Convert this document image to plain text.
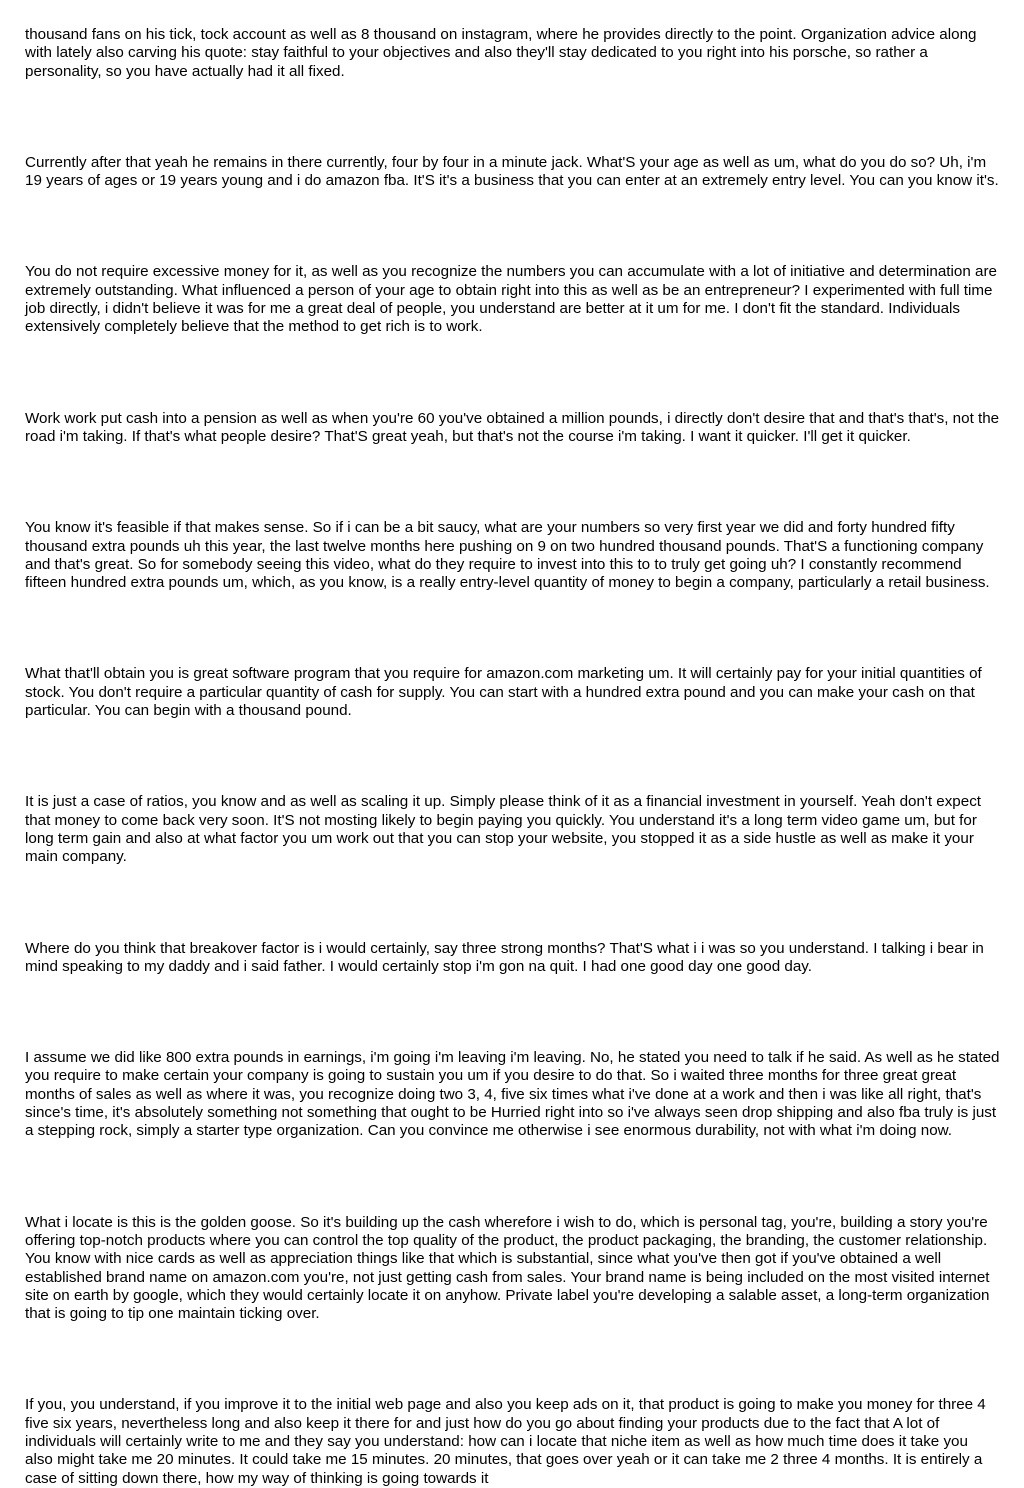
thousand fans on his tick, tock account as well as 8 thousand on instagram, where he provides directly to the point. Organization advice along with lately also carving his quote: stay faithful to your objectives and also they'll stay dedicated to you right into his porsche, so rather a personality, so you have actually had it all fixed.

Currently after that yeah he remains in there currently, four by four in a minute jack. What'S your age as well as um, what do you do so? Uh, i'm 19 years of ages or 19 years young and i do amazon fba. It'S it's a business that you can enter at an extremely entry level. You can you know it's.

You do not require excessive money for it, as well as you recognize the numbers you can accumulate with a lot of initiative and determination are extremely outstanding. What influenced a person of your age to obtain right into this as well as be an entrepreneur? I experimented with full time job directly, i didn't believe it was for me a great deal of people, you understand are better at it um for me. I don't fit the standard. Individuals extensively completely believe that the method to get rich is to work.

Work work put cash into a pension as well as when you're 60 you've obtained a million pounds, i directly don't desire that and that's that's, not the road i'm taking. If that's what people desire? That'S great yeah, but that's not the course i'm taking. I want it quicker. I'll get it quicker.

You know it's feasible if that makes sense. So if i can be a bit saucy, what are your numbers so very first year we did and forty hundred fifty thousand extra pounds uh this year, the last twelve months here pushing on 9 on two hundred thousand pounds. That'S a functioning company and that's great. So for somebody seeing this video, what do they require to invest into this to to truly get going uh? I constantly recommend fifteen hundred extra pounds um, which, as you know, is a really entry-level quantity of money to begin a company, particularly a retail business.

What that'll obtain you is great software program that you require for amazon.com marketing um. It will certainly pay for your initial quantities of stock. You don't require a particular quantity of cash for supply. You can start with a hundred extra pound and you can make your cash on that particular. You can begin with a thousand pound.

It is just a case of ratios, you know and as well as scaling it up. Simply please think of it as a financial investment in yourself. Yeah don't expect that money to come back very soon. It'S not mosting likely to begin paying you quickly. You understand it's a long term video game um, but for long term gain and also at what factor you um work out that you can stop your website, you stopped it as a side hustle as well as make it your main company.

Where do you think that breakover factor is i would certainly, say three strong months? That'S what i i was so you understand. I talking i bear in mind speaking to my daddy and i said father. I would certainly stop i'm gon na quit. I had one good day one good day.

I assume we did like 800 extra pounds in earnings, i'm going i'm leaving i'm leaving. No, he stated you need to talk if he said. As well as he stated you require to make certain your company is going to sustain you um if you desire to do that. So i waited three months for three great great months of sales as well as where it was, you recognize doing two 3, 4, five six times what i've done at a work and then i was like all right, that's since's time, it's absolutely something not something that ought to be Hurried right into so i've always seen drop shipping and also fba truly is just a stepping rock, simply a starter type organization. Can you convince me otherwise i see enormous durability, not with what i'm doing now.

What i locate is this is the golden goose. So it's building up the cash wherefore i wish to do, which is personal tag, you're, building a story you're offering top-notch products where you can control the top quality of the product, the product packaging, the branding, the customer relationship. You know with nice cards as well as appreciation things like that which is substantial, since what you've then got if you've obtained a well established brand name on amazon.com you're, not just getting cash from sales. Your brand name is being included on the most visited internet site on earth by google, which they would certainly locate it on anyhow. Private label you're developing a salable asset, a long-term organization that is going to tip one maintain ticking over.

If you, you understand, if you improve it to the initial web page and also you keep ads on it, that product is going to make you money for three 4 five six years, nevertheless long and also keep it there for and just how do you go about finding your products due to the fact that A lot of individuals will certainly write to me and they say you understand: how can i locate that niche item as well as how much time does it take you also might take me 20 minutes. It could take me 15 minutes. 20 minutes, that goes over yeah or it can take me 2 three 4 months. It is entirely a case of sitting down there, how my way of thinking is going towards it
